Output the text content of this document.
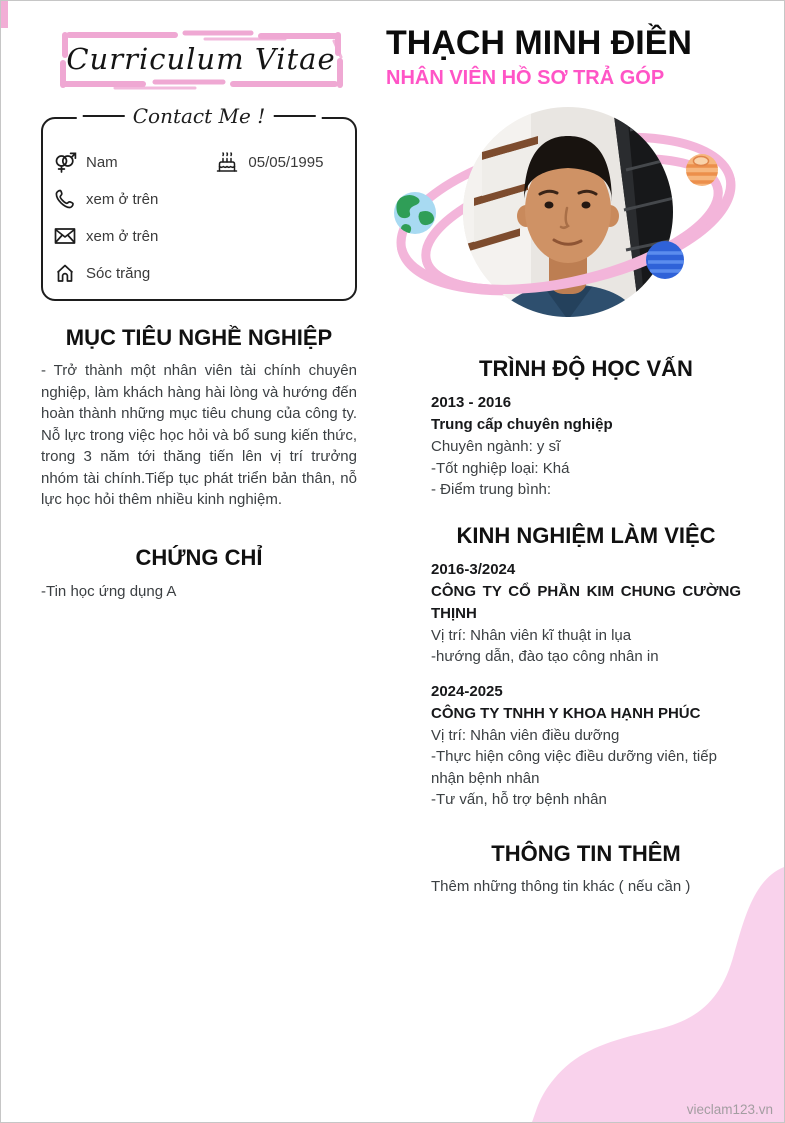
Curriculum Vitae
Contact Me !
Nam	05/05/1995
xem ở trên
xem ở trên
Sóc trăng
MỤC TIÊU NGHỀ NGHIỆP

- Trở thành một nhân viên tài chính chuyên nghiệp, làm khách hàng hài lòng và hướng đến hoàn thành những mục tiêu chung của công ty. Nỗ lực trong việc học hỏi và bổ sung kiến thức, trong 3 năm tới thăng tiến lên vị trí trưởng nhóm tài chính.Tiếp tục phát triển bản thân, nỗ lực học hỏi thêm nhiều kinh nghiệm.

CHỨNG CHỈ

-Tin học ứng dụng A

THẠCH MINH ĐIỀN
NHÂN VIÊN HỒ SƠ TRẢ GÓP
TRÌNH ĐỘ HỌC VẤN
2013 - 2016
Trung cấp chuyên nghiệp
Chuyên ngành: y sĩ
-Tốt nghiệp loại: Khá
- Điểm trung bình:
KINH NGHIỆM LÀM VIỆC
2016-3/2024
CÔNG TY CỔ PHẦN KIM CHUNG CƯỜNG THỊNH
Vị trí: Nhân viên kĩ thuật in lụa
-hướng dẫn, đào tạo công nhân in
2024-2025
CÔNG TY TNHH Y KHOA HẠNH PHÚC
Vị trí: Nhân viên điều dưỡng
-Thực hiện công việc điều dưỡng viên, tiếp nhận bệnh nhân
-Tư vấn, hỗ trợ bệnh nhân
THÔNG TIN THÊM
Thêm những thông tin khác ( nếu cần )
vieclam123.vn
